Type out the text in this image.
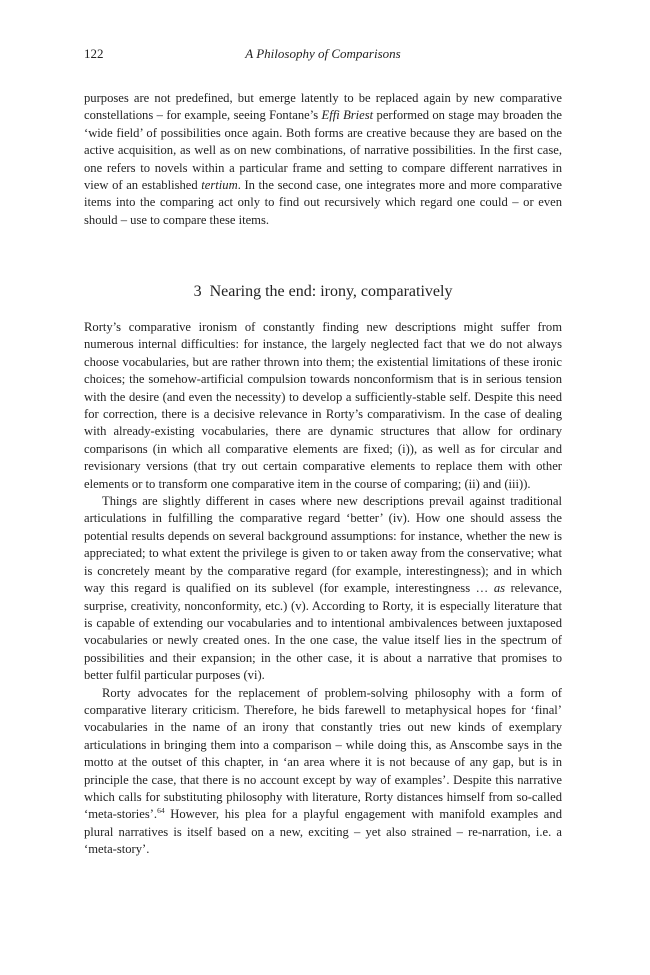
122	A Philosophy of Comparisons

purposes are not predefined, but emerge latently to be replaced again by new comparative constellations – for example, seeing Fontane’s Effi Briest performed on stage may broaden the ‘wide field’ of possibilities once again. Both forms are creative because they are based on the active acquisition, as well as on new combinations, of narrative possibilities. In the first case, one refers to novels within a particular frame and setting to compare different narratives in view of an established tertium. In the second case, one integrates more and more comparative items into the comparing act only to find out recursively which regard one could – or even should – use to compare these items.

3 Nearing the end: irony, comparatively

Rorty’s comparative ironism of constantly finding new descriptions might suffer from numerous internal difficulties: for instance, the largely neglected fact that we do not always choose vocabularies, but are rather thrown into them; the existential limitations of these ironic choices; the somehow-artificial compulsion towards nonconformism that is in serious tension with the desire (and even the necessity) to develop a sufficiently-stable self. Despite this need for correction, there is a decisive relevance in Rorty’s comparativism. In the case of dealing with already-existing vocabularies, there are dynamic structures that allow for ordinary comparisons (in which all comparative elements are fixed; (i)), as well as for circular and revisionary versions (that try out certain comparative elements to replace them with other elements or to transform one comparative item in the course of comparing; (ii) and (iii)).

Things are slightly different in cases where new descriptions prevail against traditional articulations in fulfilling the comparative regard ‘better’ (iv). How one should assess the potential results depends on several background assumptions: for instance, whether the new is appreciated; to what extent the privilege is given to or taken away from the conservative; what is concretely meant by the comparative regard (for example, interestingness); and in which way this regard is qualified on its sublevel (for example, interestingness … as relevance, surprise, creativity, nonconformity, etc.) (v). According to Rorty, it is especially literature that is capable of extending our vocabularies and to intentional ambivalences between juxtaposed vocabularies or newly created ones. In the one case, the value itself lies in the spectrum of possibilities and their expansion; in the other case, it is about a narrative that promises to better fulfil particular purposes (vi).

Rorty advocates for the replacement of problem-solving philosophy with a form of comparative literary criticism. Therefore, he bids farewell to metaphysical hopes for ‘final’ vocabularies in the name of an irony that constantly tries out new kinds of exemplary articulations in bringing them into a comparison – while doing this, as Anscombe says in the motto at the outset of this chapter, in ‘an area where it is not because of any gap, but is in principle the case, that there is no account except by way of examples’. Despite this narrative which calls for substituting philosophy with literature, Rorty distances himself from so-called ‘meta-stories’.$^{64}$ However, his plea for a playful engagement with manifold examples and plural narratives is itself based on a new, exciting – yet also strained – re-narration, i.e. a ‘meta-story’.
